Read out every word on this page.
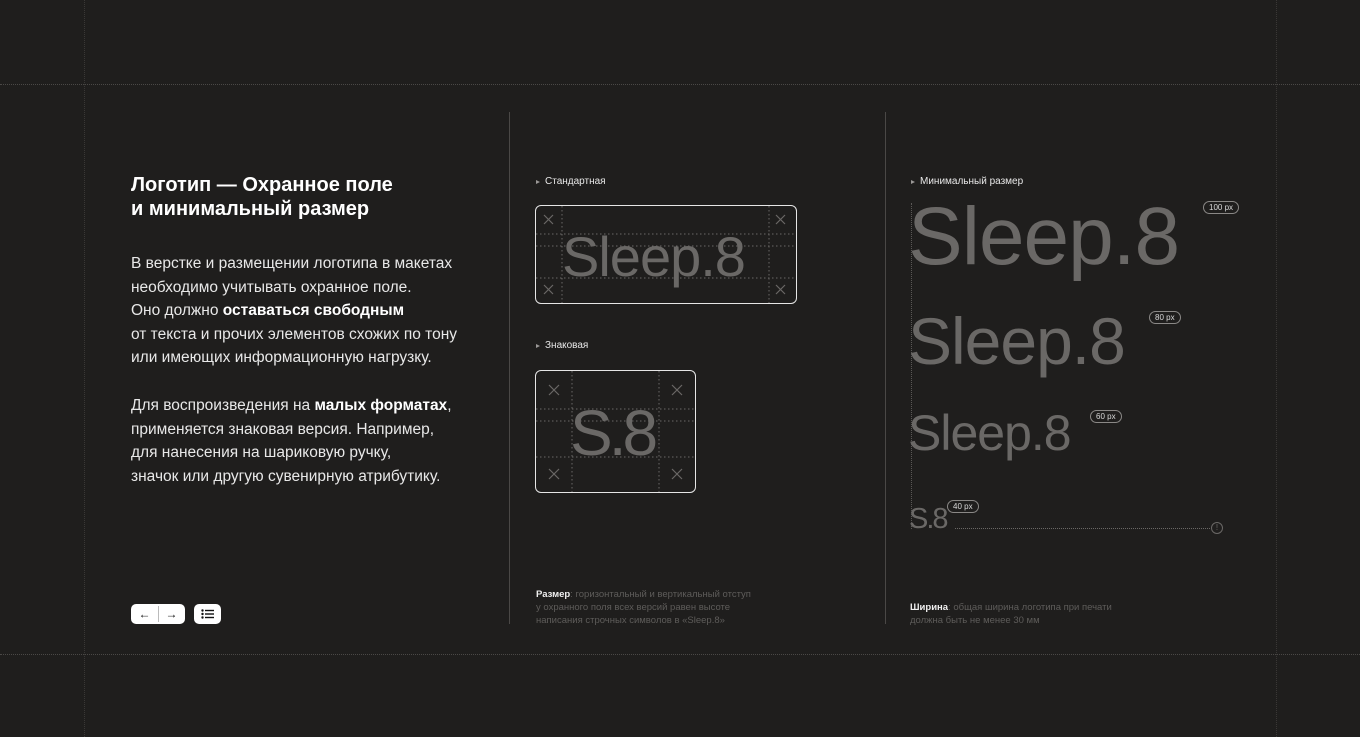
Логотип — Охранное поле
и минимальный размер

В верстке и размещении логотипа в макетах
необходимо учитывать охранное поле.
Оно должно оставаться свободным
от текста и прочих элементов схожих по тону
или имеющих информационную нагрузку.

Для воспроизведения на малых форматах,
применяется знаковая версия. Например,
для нанесения на шариковую ручку,
значок или другую сувенирную атрибутику.

←	→
Стандартная
Sleep.8
Знаковая
S.8

Размер: горизонтальный и вертикальный отступ
у охранного поля всех версий равен высоте
написания строчных символов в «Sleep.8»

Минимальный размер
Sleep.8	100 px
Sleep.8	80 px
Sleep.8	60 px
S.8 40 px
!

Ширина: общая ширина логотипа при печати
должна быть не менее 30 мм
